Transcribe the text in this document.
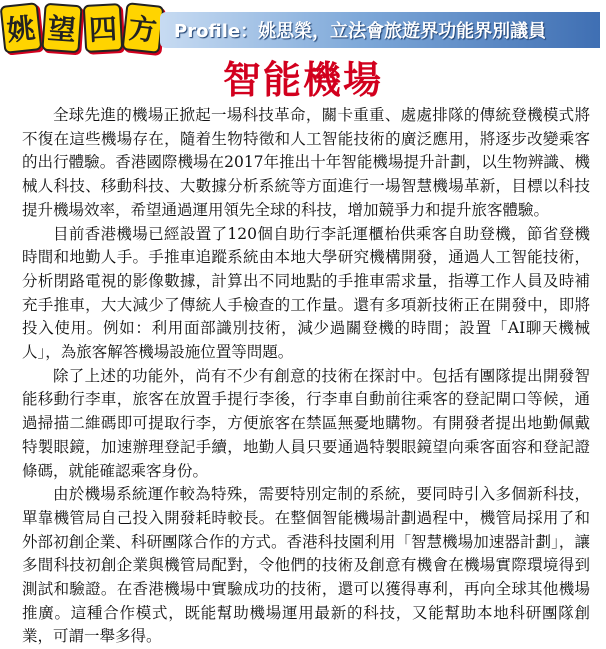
姚 望 四 方 Profile：姚思榮，立法會旅遊界功能界別議員
智能機場

全球先進的機場正掀起一場科技革命，關卡重重、處處排隊的傳統登機模式將不復在這些機場存在，隨着生物特徵和人工智能技術的廣泛應用，將逐步改變乘客的出行體驗。香港國際機場在2017年推出十年智能機場提升計劃，以生物辨識、機械人科技、移動科技、大數據分析系統等方面進行一場智慧機場革新，目標以科技提升機場效率，希望通過運用領先全球的科技，增加競爭力和提升旅客體驗。

目前香港機場已經設置了120個自助行李託運櫃枱供乘客自助登機，節省登機時間和地勤人手。手推車追蹤系統由本地大學研究機構開發，通過人工智能技術，分析閉路電視的影像數據，計算出不同地點的手推車需求量，指導工作人員及時補充手推車，大大減少了傳統人手檢查的工作量。還有多項新技術正在開發中，即將投入使用。例如：利用面部識別技術，減少過關登機的時間；設置「AI聊天機械人」，為旅客解答機場設施位置等問題。

除了上述的功能外，尚有不少有創意的技術在探討中。包括有團隊提出開發智能移動行李車，旅客在放置手提行李後，行李車自動前往乘客的登記閘口等候，通過掃描二維碼即可提取行李，方便旅客在禁區無憂地購物。有開發者提出地勤佩戴特製眼鏡，加速辦理登記手續，地勤人員只要通過特製眼鏡望向乘客面容和登記證條碼，就能確認乘客身份。

由於機場系統運作較為特殊，需要特別定制的系統，要同時引入多個新科技，單靠機管局自己投入開發耗時較長。在整個智能機場計劃過程中，機管局採用了和外部初創企業、科研團隊合作的方式。香港科技園利用「智慧機場加速器計劃」，讓多間科技初創企業與機管局配對，令他們的技術及創意有機會在機場實際環境得到測試和驗證。在香港機場中實驗成功的技術，還可以獲得專利，再向全球其他機場推廣。這種合作模式，既能幫助機場運用最新的科技，又能幫助本地科研團隊創業，可謂一舉多得。
